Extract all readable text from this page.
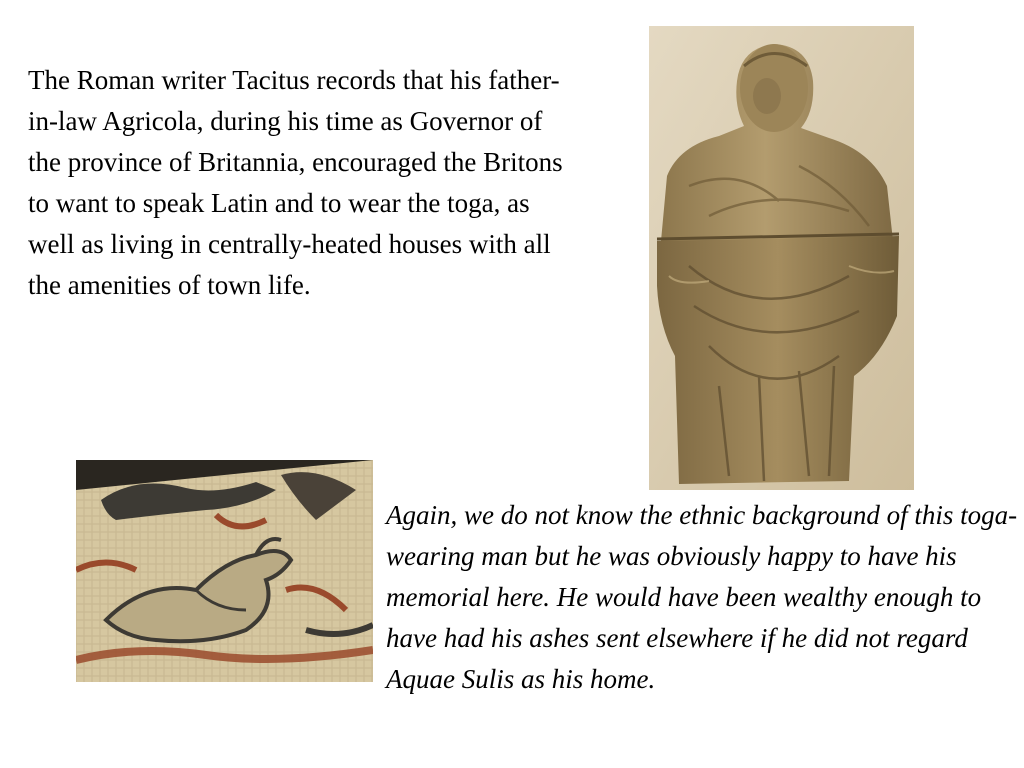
The Roman writer Tacitus records that his father-in-law Agricola, during his time as Governor of the province of Britannia, encouraged the Britons to want to speak Latin and to wear the toga, as well as living in centrally-heated houses with all the amenities of town life.

Again, we do not know the ethnic background of this toga-wearing man but he was obviously happy to have his memorial here. He would have been wealthy enough to have had his ashes sent elsewhere if he did not regard Aquae Sulis as his home.
